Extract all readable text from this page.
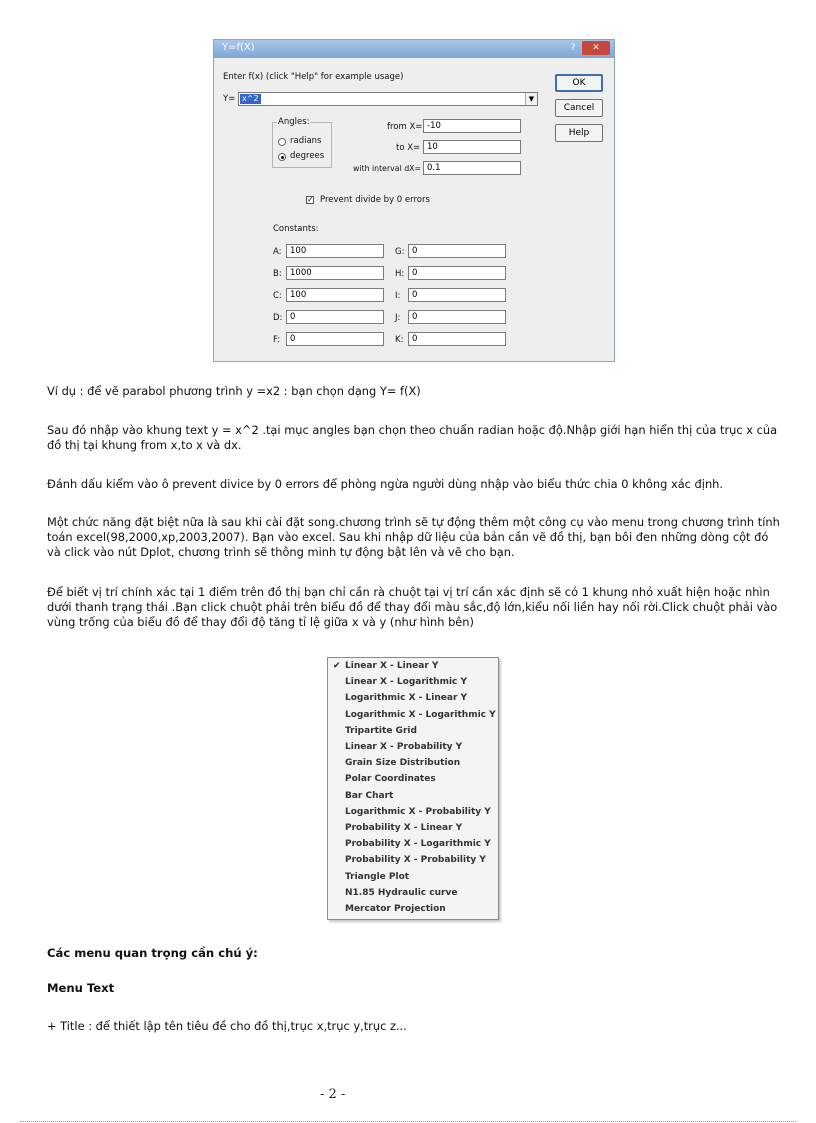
Y=f(X)	?	✕
Enter f(x) (click "Help" for example usage)
Y= x^2	▼
OK
Cancel
Help
Angles:
radians
degrees
from X= -10
to X= 10
with interval dX= 0.1
✓ Prevent divide by 0 errors
Constants:
A: 100
B: 1000
C: 100
D: 0
F:	0
G: 0
H: 0
I:	0
J:	0
K:	0

Ví dụ : để vẽ parabol phương trình y =x2 : bạn chọn dạng Y= f(X)

Sau đó nhập vào khung text y = x^2 .tại mục angles bạn chọn theo chuẩn radian hoặc độ.Nhập giới hạn hiển thị của trục x của đồ thị tại khung from x,to x và dx.

Đánh dấu kiểm vào ô prevent divice by 0 errors để phòng ngừa người dùng nhập vào biểu thức chia 0 không xác định.

Một chức năng đặt biệt nữa là sau khi cài đặt song.chương trình sẽ tự động thêm một công cụ vào menu trong chương trình tính toán excel(98,2000,xp,2003,2007). Bạn vào excel. Sau khi nhập dữ liệu của bản cần vẽ đồ thị, bạn bôi đen những dòng cột đó và click vào nút Dplot, chương trình sẽ thông minh tự động bật lên và vẽ cho bạn.

Để biết vị trí chính xác tại 1 điểm trên đồ thị bạn chỉ cần rà chuột tại vị trí cần xác định sẽ có 1 khung nhỏ xuất hiện hoặc nhìn dưới thanh trạng thái .Bạn click chuột phải trên biểu đồ để thay đổi màu sắc,độ lớn,kiểu nối liền hay nối rời.Click chuột phải vào vùng trống của biểu đồ để thay đổi độ tăng tỉ lệ giữa x và y (như hình bên)

✔ Linear X - Linear Y
Linear X - Logarithmic Y
Logarithmic X - Linear Y
Logarithmic X - Logarithmic Y
Tripartite Grid
Linear X - Probability Y
Grain Size Distribution
Polar Coordinates
Bar Chart
Logarithmic X - Probability Y
Probability X - Linear Y
Probability X - Logarithmic Y
Probability X - Probability Y
Triangle Plot
N1.85 Hydraulic curve
Mercator Projection
Các menu quan trọng cần chú ý:
Menu Text

+ Title : để thiết lập tên tiêu đề cho đồ thị,trục x,trục y,trục z...

- 2 -
